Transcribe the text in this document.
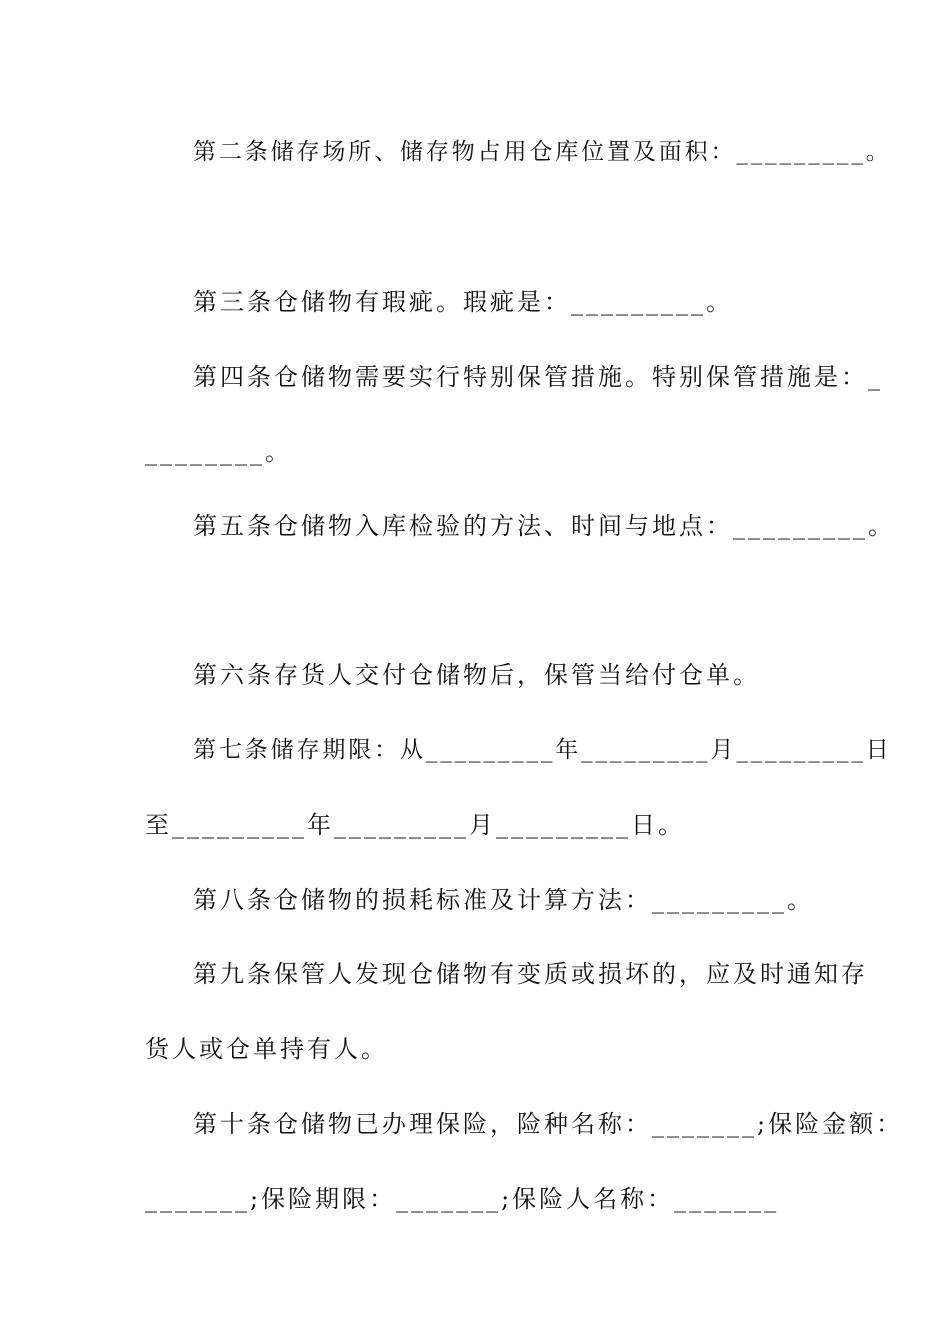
第二条储存场所、储存物占用仓库位置及面积：_________。
第三条仓储物有瑕疵。瑕疵是：_________。
第四条仓储物需要实行特别保管措施。特别保管措施是：_
________。
第五条仓储物入库检验的方法、时间与地点：_________。
第六条存货人交付仓储物后，保管当给付仓单。
第七条储存期限：从_________年_________月_________日
至_________年_________月_________日。
第八条仓储物的损耗标准及计算方法：_________。
第九条保管人发现仓储物有变质或损坏的，应及时通知存
货人或仓单持有人。
第十条仓储物已办理保险，险种名称：_______;保险金额：
_______;保险期限：_______;保险人名称：_______
